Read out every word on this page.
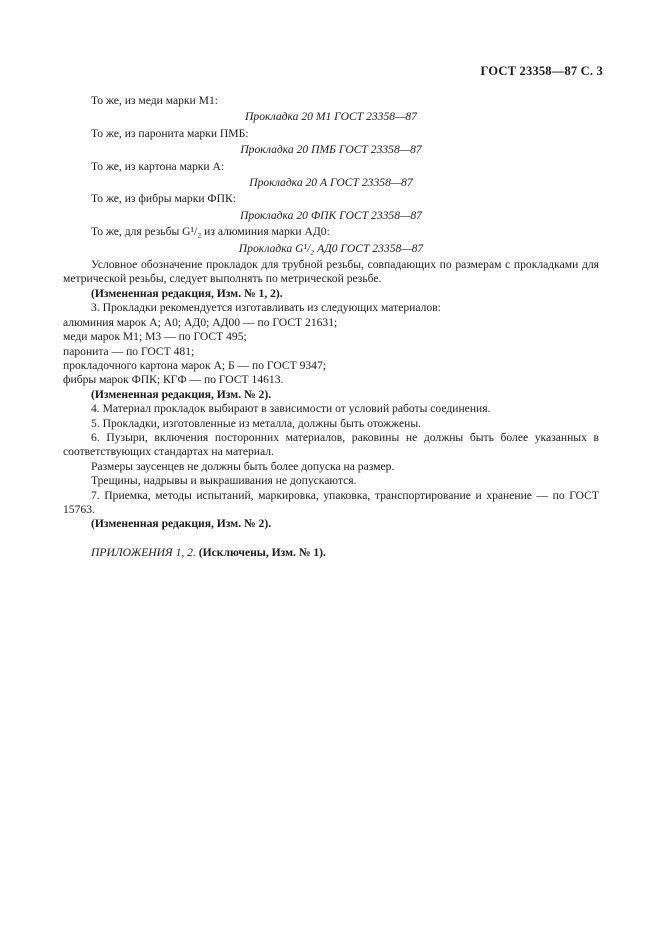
ГОСТ 23358—87 С. 3
То же, из меди марки М1:
Прокладка 20 М1 ГОСТ 23358—87
То же, из паронита марки ПМБ:
Прокладка 20 ПМБ ГОСТ 23358—87
То же, из картона марки А:
Прокладка 20 А ГОСТ 23358—87
То же, из фибры марки ФПК:
Прокладка 20 ФПК ГОСТ 23358—87
То же, для резьбы G¹/₂ из алюминия марки АД0:
Прокладка G¹/₂ АД0 ГОСТ 23358—87
Условное обозначение прокладок для трубной резьбы, совпадающих по размерам с прокладками для метрической резьбы, следует выполнять по метрической резьбе.
(Измененная редакция, Изм. № 1, 2).
3. Прокладки рекомендуется изготавливать из следующих материалов:
алюминия марок А; А0; АД0; АД00 — по ГОСТ 21631;
меди марок М1; М3 — по ГОСТ 495;
паронита — по ГОСТ 481;
прокладочного картона марок А; Б — по ГОСТ 9347;
фибры марок ФПК; КГФ — по ГОСТ 14613.
(Измененная редакция, Изм. № 2).
4. Материал прокладок выбирают в зависимости от условий работы соединения.
5. Прокладки, изготовленные из металла, должны быть отожжены.
6. Пузыри, включения посторонних материалов, раковины не должны быть более указанных в соответствующих стандартах на материал.
Размеры заусенцев не должны быть более допуска на размер.
Трещины, надрывы и выкрашивания не допускаются.
7. Приемка, методы испытаний, маркировка, упаковка, транспортирование и хранение — по ГОСТ 15763.
(Измененная редакция, Изм. № 2).
ПРИЛОЖЕНИЯ 1, 2. (Исключены, Изм. № 1).
